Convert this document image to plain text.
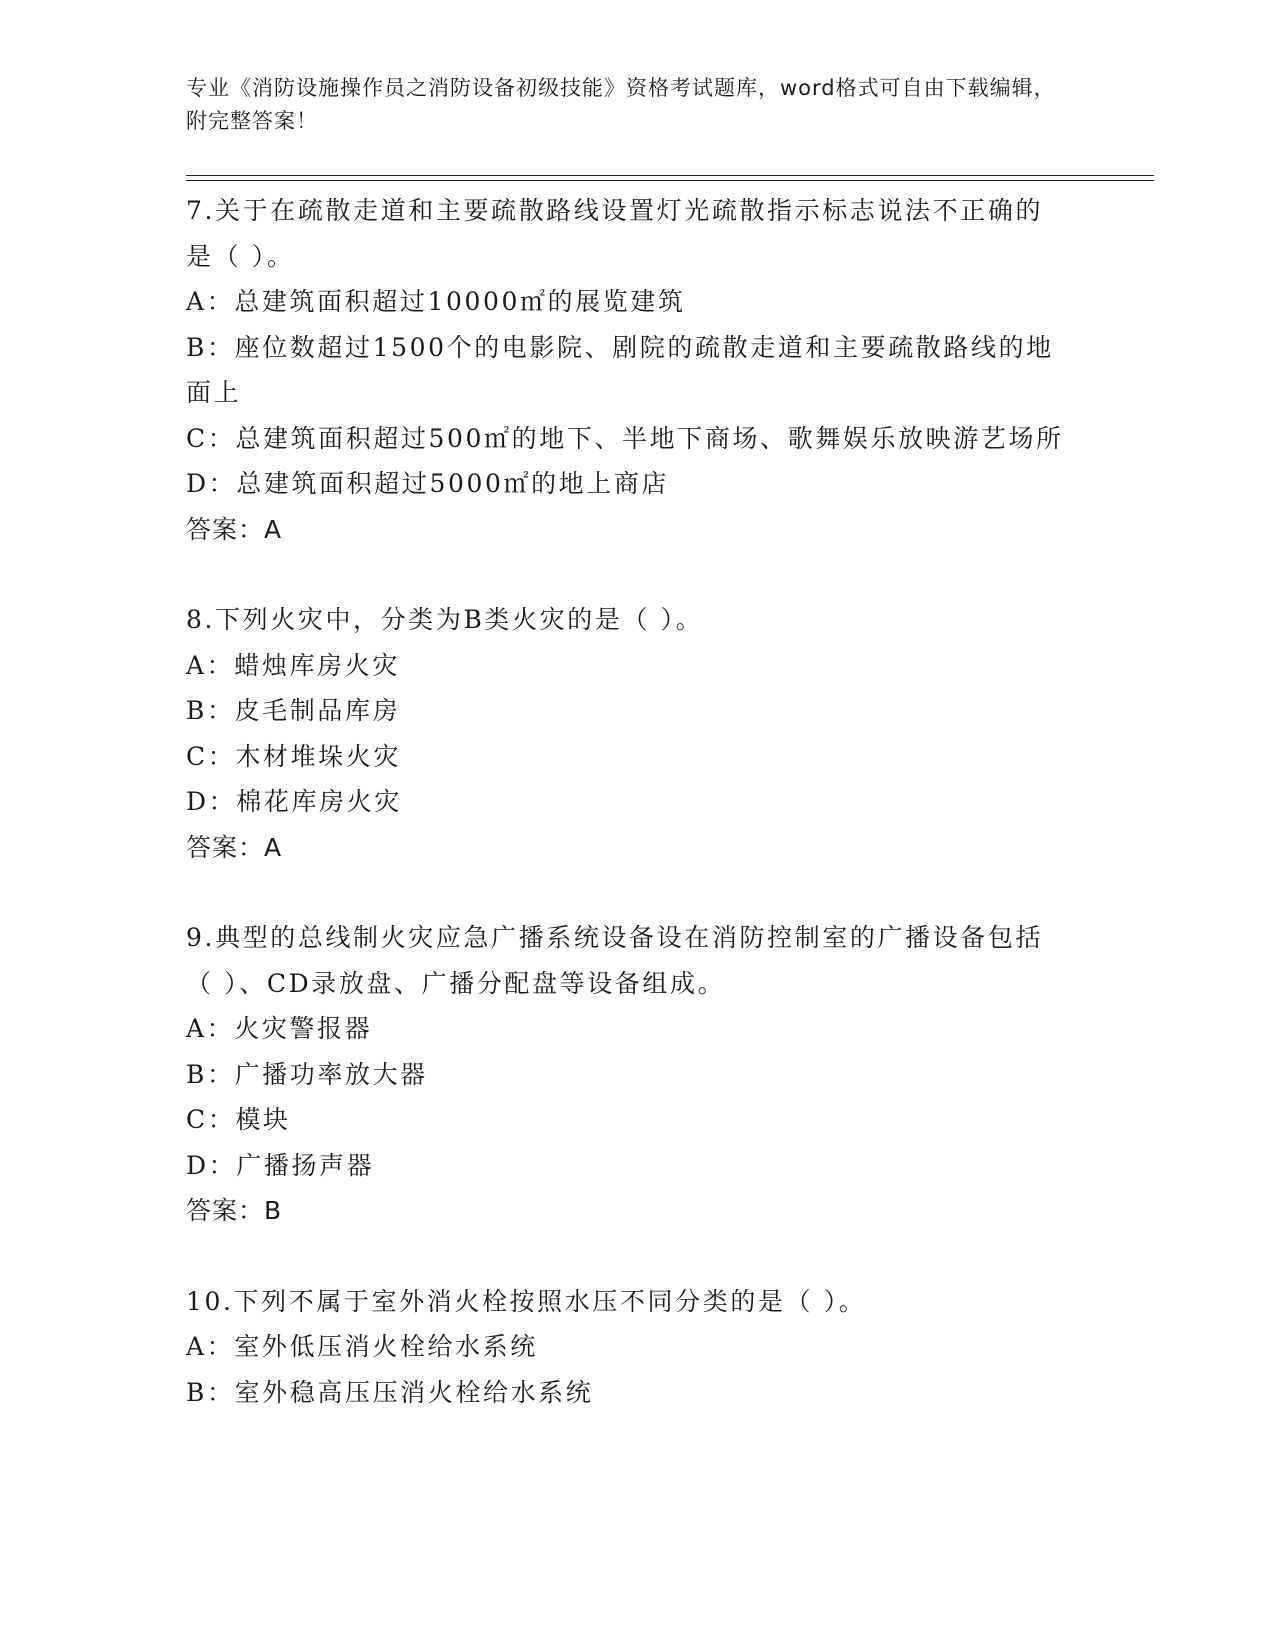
专业《消防设施操作员之消防设备初级技能》资格考试题库，word格式可自由下载编辑，附完整答案！

7.关于在疏散走道和主要疏散路线设置灯光疏散指示标志说法不正确的是（ ）。

A：总建筑面积超过10000㎡的展览建筑

B：座位数超过1500个的电影院、剧院的疏散走道和主要疏散路线的地面上

C：总建筑面积超过500㎡的地下、半地下商场、歌舞娱乐放映游艺场所

D：总建筑面积超过5000㎡的地上商店

答案：A

8.下列火灾中，分类为B类火灾的是（ ）。

A：蜡烛库房火灾

B：皮毛制品库房

C：木材堆垛火灾

D：棉花库房火灾

答案：A

9.典型的总线制火灾应急广播系统设备设在消防控制室的广播设备包括（ ）、CD录放盘、广播分配盘等设备组成。

A：火灾警报器

B：广播功率放大器

C：模块

D：广播扬声器

答案：B

10.下列不属于室外消火栓按照水压不同分类的是（ ）。

A：室外低压消火栓给水系统

B：室外稳高压压消火栓给水系统
